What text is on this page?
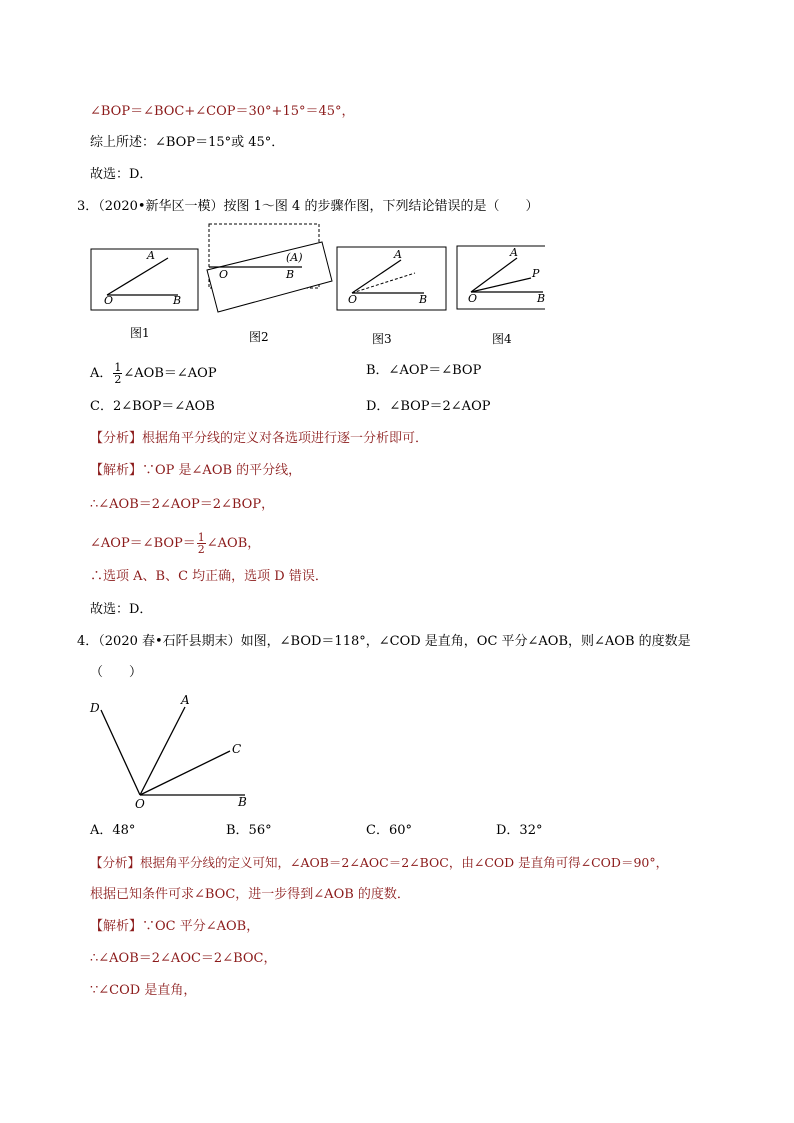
∠BOP＝∠BOC+∠COP＝30°+15°＝45°，
综上所述：∠BOP＝15°或 45°．
故选：D．
3．（2020•新华区一模）按图 1～图 4 的步骤作图，下列结论错误的是（　　）
A
O	B
O
(A)
B
A
O	B
A
P
O	B
图1	图2	图3	图4
A． $\frac{1}{2}$ ∠AOB＝∠AOP	B．∠AOP＝∠BOP
C．2∠BOP＝∠AOB	D．∠BOP＝2∠AOP
【分析】根据角平分线的定义对各选项进行逐一分析即可．
【解析】∵OP 是∠AOB 的平分线，
∴∠AOB＝2∠AOP＝2∠BOP，
∠AOP＝∠BOP＝ $\frac{1}{2}$ ∠AOB，
∴选项 A、B、C 均正确，选项 D 错误．
故选：D．
4．（2020 春•石阡县期末）如图，∠BOD＝118°，∠COD 是直角，OC 平分∠AOB，则∠AOB 的度数是
（　　）
D
A
C
O	B
A．48°	B．56°	C．60°	D．32°
【分析】根据角平分线的定义可知，∠AOB＝2∠AOC＝2∠BOC，由∠COD 是直角可得∠COD＝90°，
根据已知条件可求∠BOC，进一步得到∠AOB 的度数．
【解析】∵OC 平分∠AOB，
∴∠AOB＝2∠AOC＝2∠BOC，
∵∠COD 是直角，
